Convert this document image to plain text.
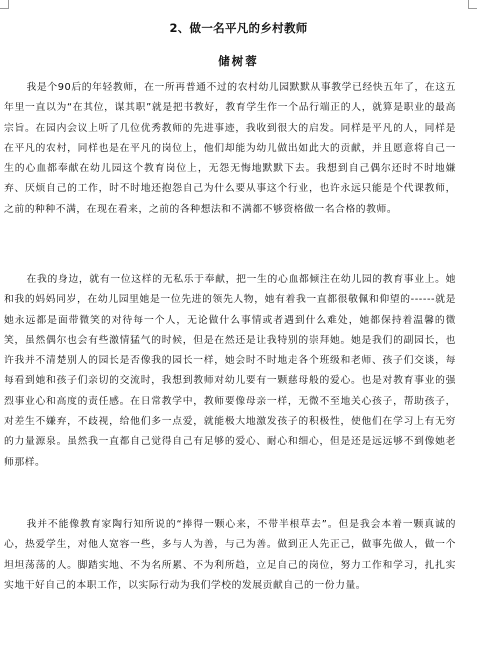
2、做一名平凡的乡村教师
储树蓉

我是个90后的年轻教师，在一所再普通不过的农村幼儿园默默从事教学已经快五年了，在这五年里一直以为“在其位，谋其职”就是把书教好，教育学生作一个品行端正的人，就算是职业的最高宗旨。在园内会议上听了几位优秀教师的先进事迹，我收到很大的启发。同样是平凡的人，同样是在平凡的农村，同样也是在平凡的岗位上，他们却能为幼儿做出如此大的贡献，并且愿意将自己一生的心血都奉献在幼儿园这个教育岗位上，无怨无悔地默默下去。我想到自己偶尔还时不时地嫌弃、厌烦自己的工作，时不时地还抱怨自己为什么要从事这个行业，也许永远只能是个代课教师，之前的种种不满，在现在看来，之前的各种想法和不满都不够资格做一名合格的教师。

在我的身边，就有一位这样的无私乐于奉献，把一生的心血都倾注在幼儿园的教育事业上。她和我的妈妈同岁，在幼儿园里她是一位先进的领先人物，她有着我一直都很敬佩和仰望的------就是她永远都是面带微笑的对待每一个人，无论做什么事情或者遇到什么难处，她都保持着温馨的微笑，虽然偶尔也会有些激情猛气的时候，但是在然还是让我特别的崇拜她。她是我们的副园长，也许我并不清楚别人的园长是否像我的园长一样，她会时不时地走各个班级和老师、孩子们交谈，每每看到她和孩子们亲切的交流时，我想到教师对幼儿要有一颗慈母般的爱心。也是对教育事业的强烈事业心和高度的责任感。在日常教学中，教师要像母亲一样，无微不至地关心孩子，帮助孩子，对差生不嫌弃，不歧视，给他们多一点爱，就能极大地激发孩子的积极性，使他们在学习上有无穷的力量源泉。虽然我一直都自己觉得自己有足够的爱心、耐心和细心，但是还是远远够不到像她老师那样。

我并不能像教育家陶行知所说的“捧得一颗心来，不带半根草去”。但是我会本着一颗真诚的心，热爱学生，对他人宽容一些，多与人为善，与己为善。做到正人先正己，做事先做人，做一个坦坦荡荡的人。脚踏实地、不为名所累、不为利所趋，立足自己的岗位，努力工作和学习，扎扎实实地干好自己的本职工作，以实际行动为我们学校的发展贡献自己的一份力量。
